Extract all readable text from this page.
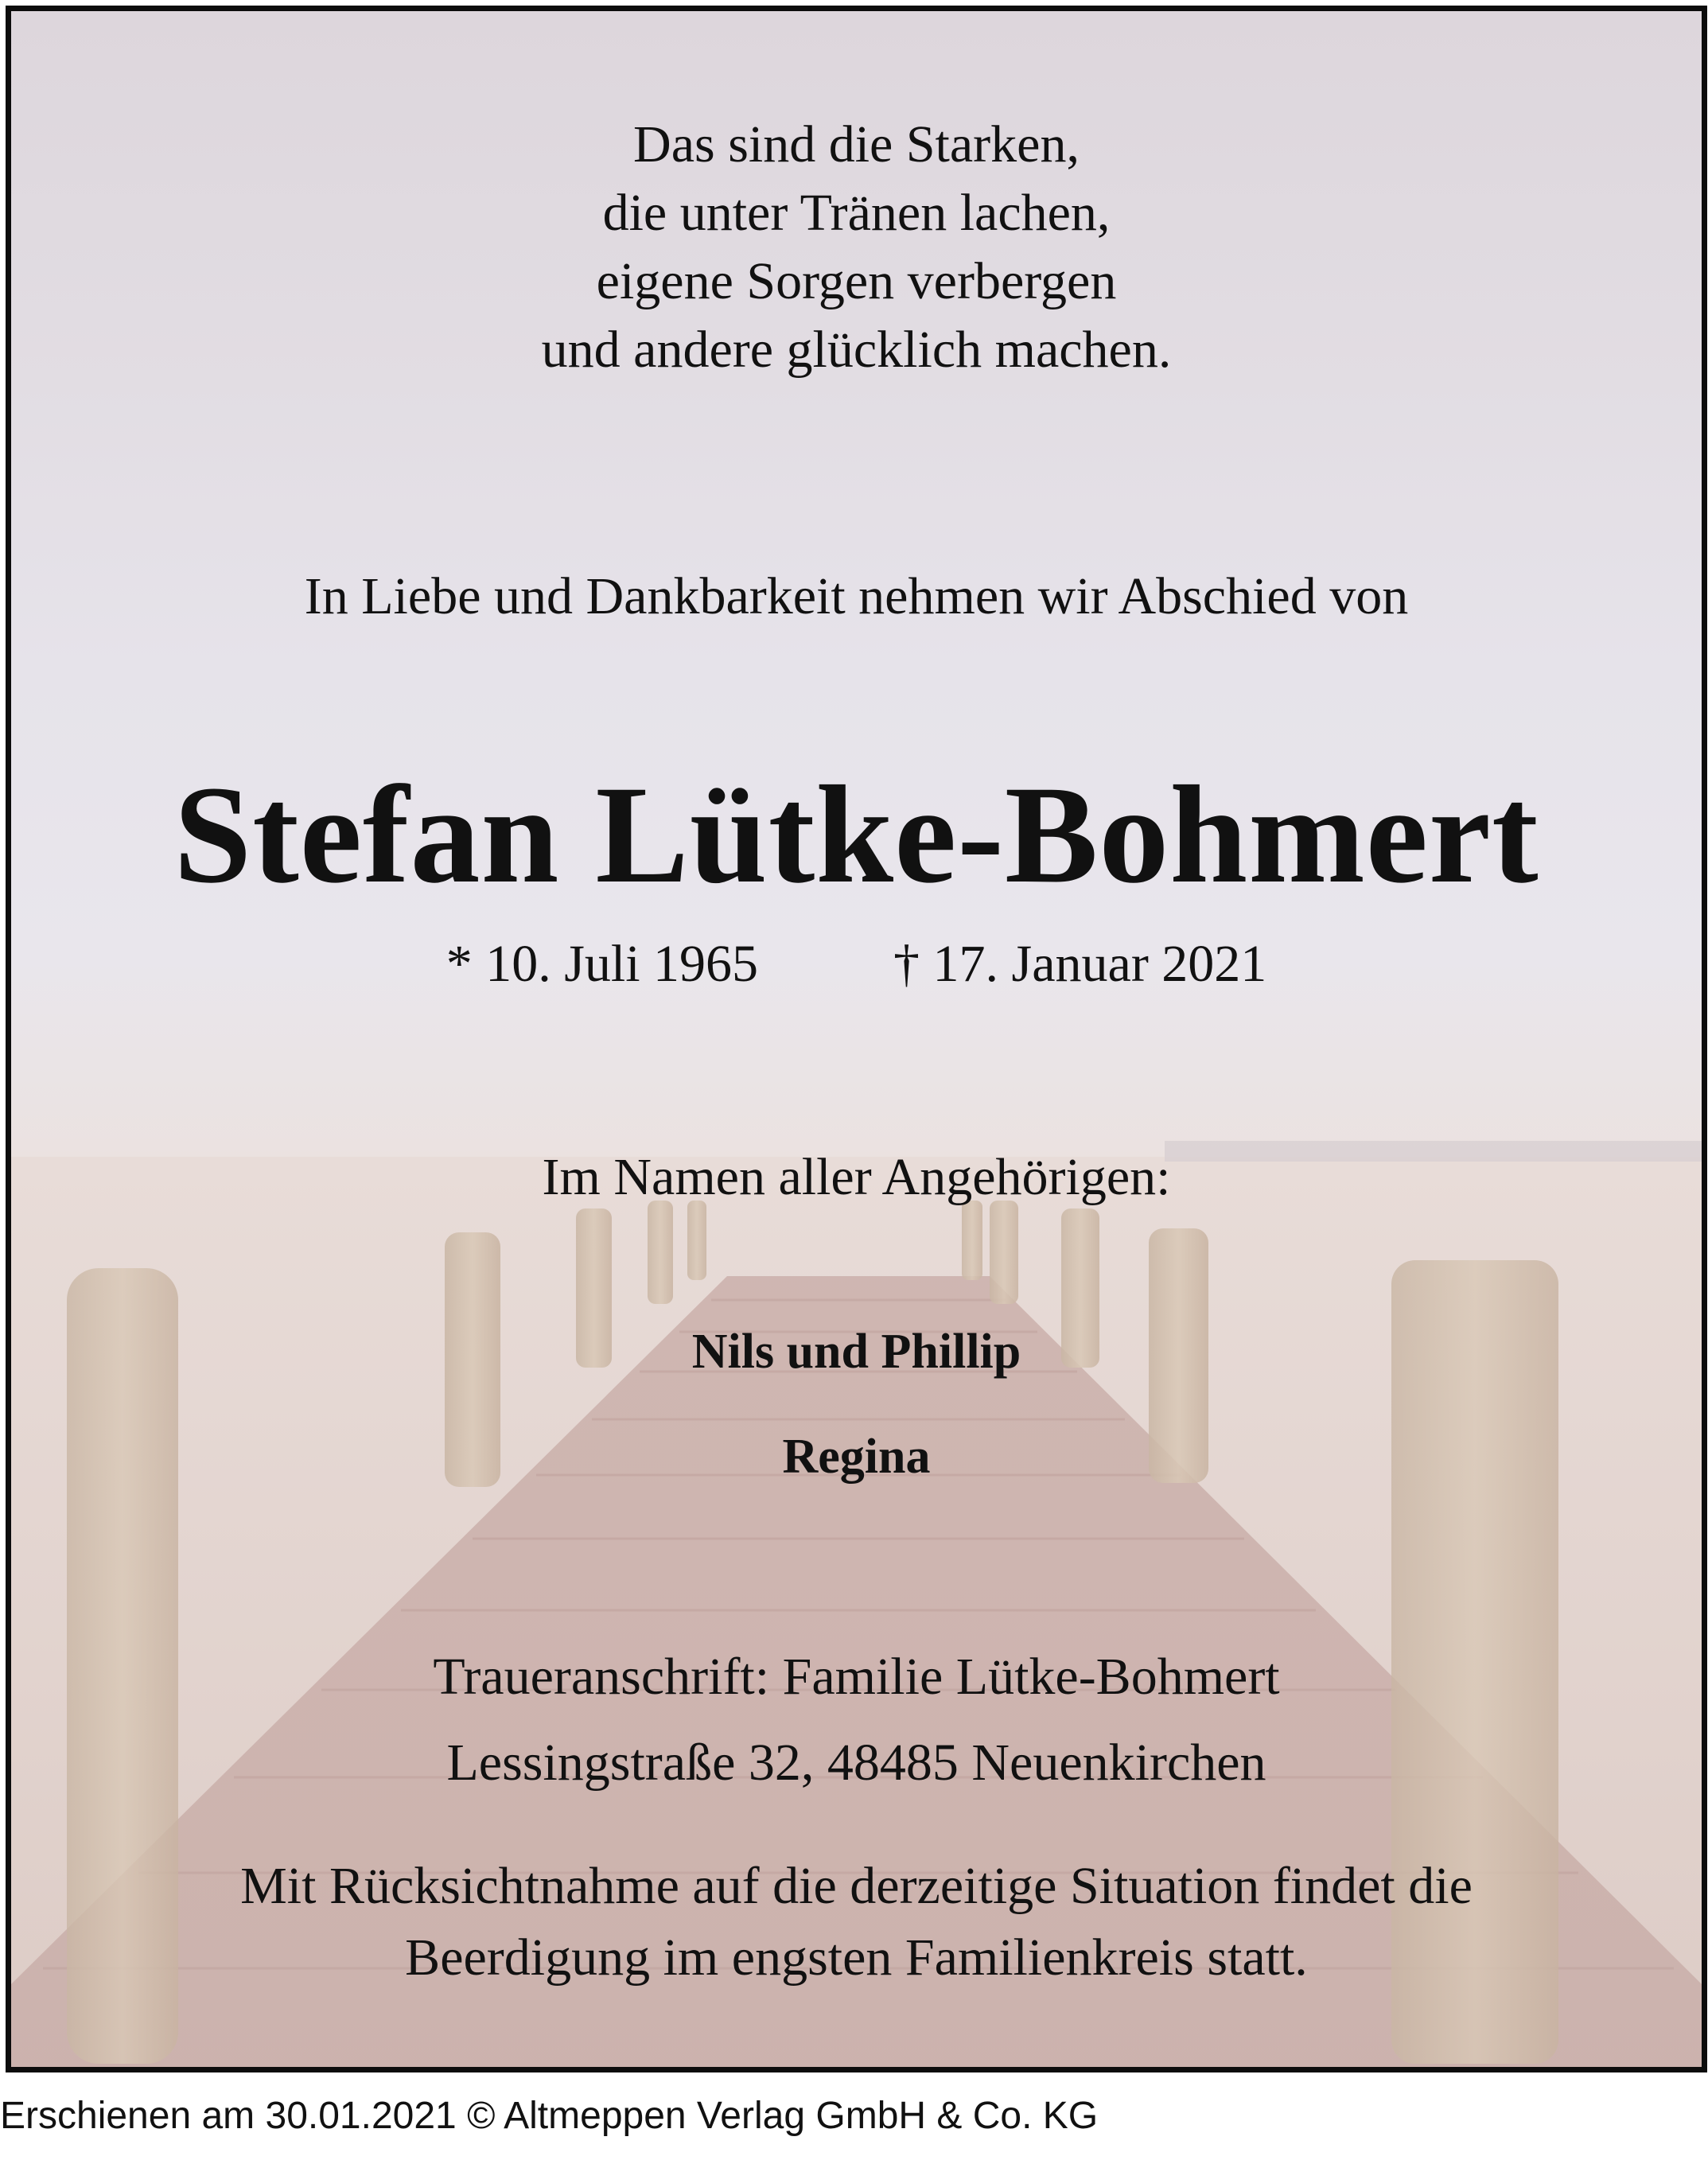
Das sind die Starken,
die unter Tränen lachen,
eigene Sorgen verbergen
und andere glücklich machen.
In Liebe und Dankbarkeit nehmen wir Abschied von
Stefan Lütke-Bohmert
* 10. Juli 1965	† 17. Januar 2021
Im Namen aller Angehörigen:
Nils und Phillip
Regina
Traueranschrift: Familie Lütke-Bohmert
Lessingstraße 32, 48485 Neuenkirchen
Mit Rücksichtnahme auf die derzeitige Situation findet die
Beerdigung im engsten Familienkreis statt.
Erschienen am 30.01.2021 © Altmeppen Verlag GmbH & Co. KG
